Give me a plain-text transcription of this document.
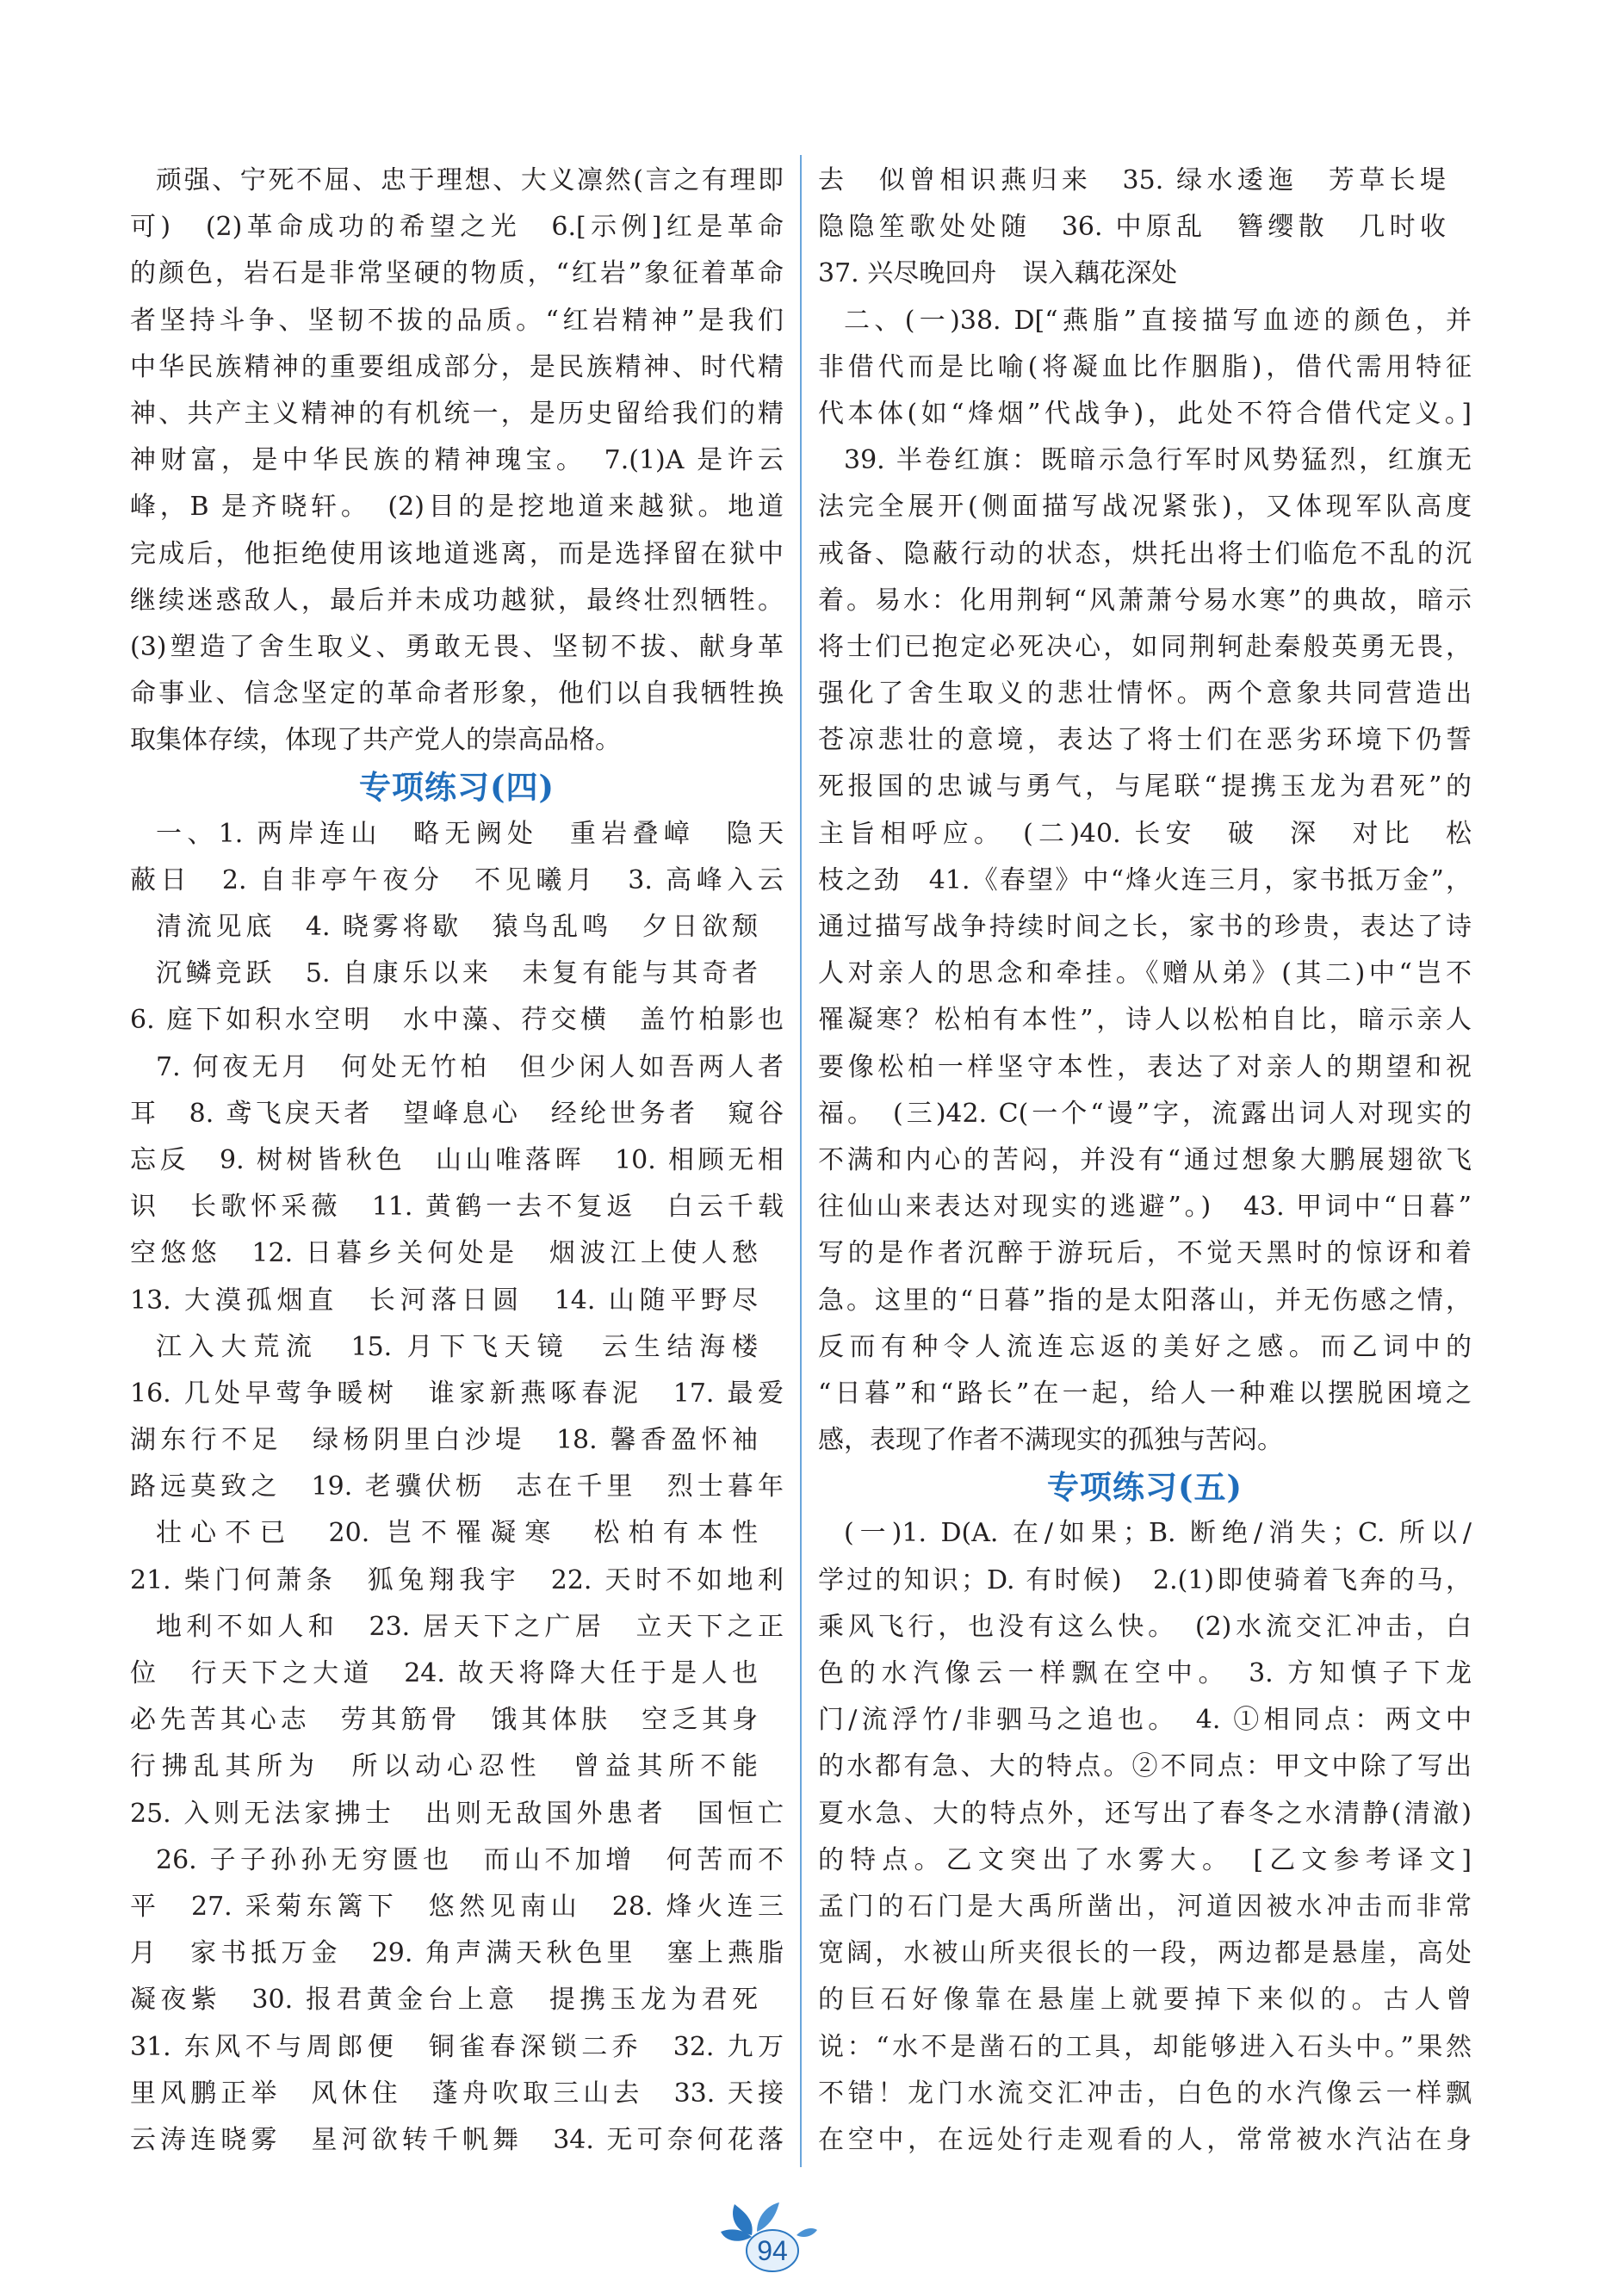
顽强、宁死不屈、忠于理想、大义凛然(言之有理即
可)　(2)革命成功的希望之光　6.[示例]红是革命
的颜色，岩石是非常坚硬的物质，“红岩”象征着革命
者坚持斗争、坚韧不拔的品质。“红岩精神”是我们
中华民族精神的重要组成部分，是民族精神、时代精
神、共产主义精神的有机统一，是历史留给我们的精
神财富，是中华民族的精神瑰宝。　7.(1)A 是许云
峰，B 是齐晓轩。　(2)目的是挖地道来越狱。地道
完成后，他拒绝使用该地道逃离，而是选择留在狱中
继续迷惑敌人，最后并未成功越狱，最终壮烈牺牲。
(3)塑造了舍生取义、勇敢无畏、坚韧不拔、献身革
命事业、信念坚定的革命者形象，他们以自我牺牲换
取集体存续，体现了共产党人的崇高品格。
专项练习(四)
一、1. 两岸连山　略无阙处　重岩叠嶂　隐天
蔽日　2. 自非亭午夜分　不见曦月　3. 高峰入云
清流见底　4. 晓雾将歇　猿鸟乱鸣　夕日欲颓
沉鳞竞跃　5. 自康乐以来　未复有能与其奇者
6. 庭下如积水空明　水中藻、荇交横　盖竹柏影也
7. 何夜无月　何处无竹柏　但少闲人如吾两人者
耳　8. 鸢飞戾天者　望峰息心　经纶世务者　窥谷
忘反　9. 树树皆秋色　山山唯落晖　10. 相顾无相
识　长歌怀采薇　11. 黄鹤一去不复返　白云千载
空悠悠　12. 日暮乡关何处是　烟波江上使人愁
13. 大漠孤烟直　长河落日圆　14. 山随平野尽
江入大荒流　15. 月下飞天镜　云生结海楼
16. 几处早莺争暖树　谁家新燕啄春泥　17. 最爱
湖东行不足　绿杨阴里白沙堤　18. 馨香盈怀袖
路远莫致之　19. 老骥伏枥　志在千里　烈士暮年
壮心不已　20. 岂不罹凝寒　松柏有本性
21. 柴门何萧条　狐兔翔我宇　22. 天时不如地利
地利不如人和　23. 居天下之广居　立天下之正
位　行天下之大道　24. 故天将降大任于是人也
必先苦其心志　劳其筋骨　饿其体肤　空乏其身
行拂乱其所为　所以动心忍性　曾益其所不能
25. 入则无法家拂士　出则无敌国外患者　国恒亡
26. 子子孙孙无穷匮也　而山不加增　何苦而不
平　27. 采菊东篱下　悠然见南山　28. 烽火连三
月　家书抵万金　29. 角声满天秋色里　塞上燕脂
凝夜紫　30. 报君黄金台上意　提携玉龙为君死
31. 东风不与周郎便　铜雀春深锁二乔　32. 九万
里风鹏正举　风休住　蓬舟吹取三山去　33. 天接
云涛连晓雾　星河欲转千帆舞　34. 无可奈何花落
去　似曾相识燕归来　35. 绿水逶迤　芳草长堤
隐隐笙歌处处随　36. 中原乱　簪缨散　几时收
37. 兴尽晚回舟　误入藕花深处
二、(一)38. D[“燕脂”直接描写血迹的颜色，并
非借代而是比喻(将凝血比作胭脂)，借代需用特征
代本体(如“烽烟”代战争)，此处不符合借代定义。]
39. 半卷红旗：既暗示急行军时风势猛烈，红旗无
法完全展开(侧面描写战况紧张)，又体现军队高度
戒备、隐蔽行动的状态，烘托出将士们临危不乱的沉
着。易水：化用荆轲“风萧萧兮易水寒”的典故，暗示
将士们已抱定必死决心，如同荆轲赴秦般英勇无畏，
强化了舍生取义的悲壮情怀。两个意象共同营造出
苍凉悲壮的意境，表达了将士们在恶劣环境下仍誓
死报国的忠诚与勇气，与尾联“提携玉龙为君死”的
主旨相呼应。　(二)40. 长安　破　深　对比　松
枝之劲　41.《春望》中“烽火连三月，家书抵万金”，
通过描写战争持续时间之长，家书的珍贵，表达了诗
人对亲人的思念和牵挂。《赠从弟》(其二)中“岂不
罹凝寒？松柏有本性”，诗人以松柏自比，暗示亲人
要像松柏一样坚守本性，表达了对亲人的期望和祝
福。　(三)42. C(一个“谩”字，流露出词人对现实的
不满和内心的苦闷，并没有“通过想象大鹏展翅欲飞
往仙山来表达对现实的逃避”。)　43. 甲词中“日暮”
写的是作者沉醉于游玩后，不觉天黑时的惊讶和着
急。这里的“日暮”指的是太阳落山，并无伤感之情，
反而有种令人流连忘返的美好之感。而乙词中的
“日暮”和“路长”在一起，给人一种难以摆脱困境之
感，表现了作者不满现实的孤独与苦闷。
专项练习(五)
(一)1. D(A. 在/如果；B. 断绝/消失；C. 所以/
学过的知识；D. 有时候)　2.(1)即使骑着飞奔的马，
乘风飞行，也没有这么快。　(2)水流交汇冲击，白
色的水汽像云一样飘在空中。　3. 方知慎子下龙
门/流浮竹/非驷马之追也。　4. ①相同点：两文中
的水都有急、大的特点。②不同点：甲文中除了写出
夏水急、大的特点外，还写出了春冬之水清静(清澈)
的特点。乙文突出了水雾大。　[乙文参考译文]
孟门的石门是大禹所凿出，河道因被水冲击而非常
宽阔，水被山所夹很长的一段，两边都是悬崖，高处
的巨石好像靠在悬崖上就要掉下来似的。古人曾
说：“水不是凿石的工具，却能够进入石头中。”果然
不错！龙门水流交汇冲击，白色的水汽像云一样飘
在空中，在远处行走观看的人，常常被水汽沾在身
94
